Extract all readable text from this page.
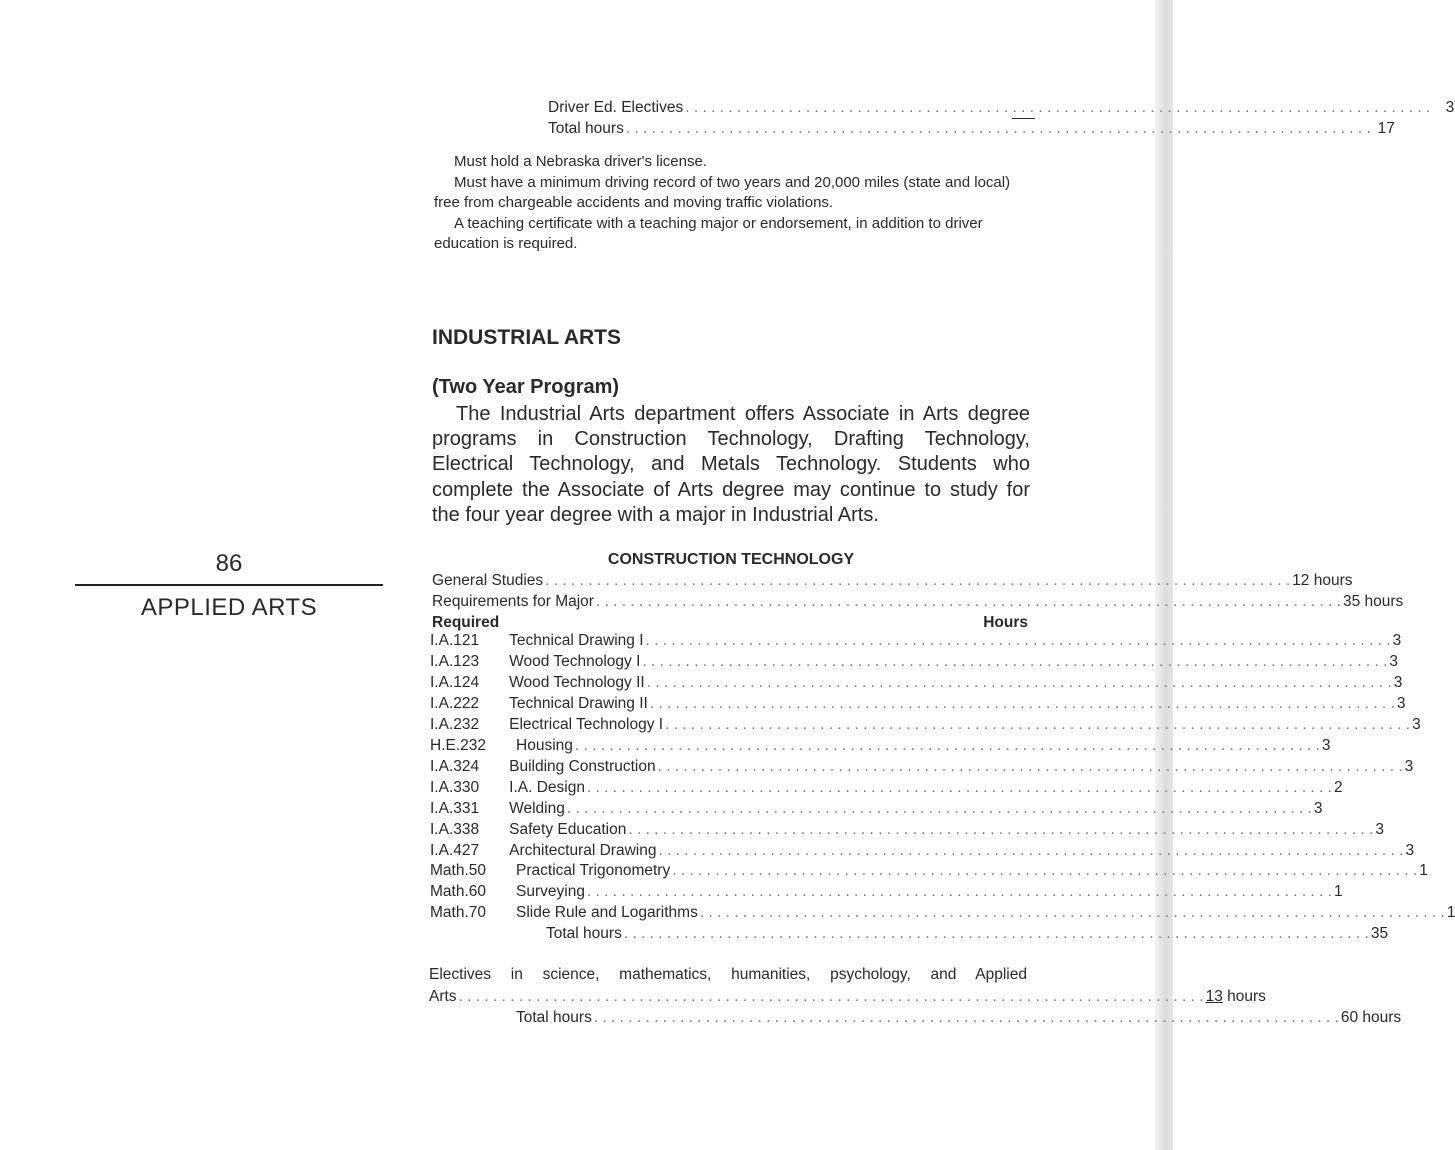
Driver Ed. Electives . . .	3
Total hours . . .	17

Must hold a Nebraska driver's license.

Must have a minimum driving record of two years and 20,000 miles (state and local) free from chargeable accidents and moving traffic violations.

A teaching certificate with a teaching major or endorsement, in addition to driver education is required.

86
APPLIED ARTS
INDUSTRIAL ARTS
(Two Year Program)

The Industrial Arts department offers Associate in Arts degree programs in Construction Technology, Drafting Technology, Electrical Technology, and Metals Technology. Students who complete the Associate of Arts degree may continue to study for the four year degree with a major in Industrial Arts.

CONSTRUCTION TECHNOLOGY
General Studies . . .	12 hours
Requirements for Major . . .	35 hours
Required	Hours
I.A. 121 Technical Drawing I . . .	3
I.A. 123 Wood Technology I . . .	3
I.A. 124 Wood Technology II . . .	3
I.A. 222 Technical Drawing II . . .	3
I.A. 232 Electrical Technology I . . .	3
H.E. 232 Housing . . .	3
I.A. 324 Building Construction . . .	3
I.A. 330 I.A. Design . . .	2
I.A. 331 Welding . . .	3
I.A. 338 Safety Education . . .	3
I.A. 427 Architectural Drawing . . .	3
Math. 50 Practical Trigonometry . . .	1
Math. 60 Surveying . . .	1
Math. 70 Slide Rule and Logarithms . . .	1
Total hours . . .	35
Electives in science, mathematics, humanities, psychology, and Applied
Arts . . .	13 hours
Total hours . . .	60 hours
